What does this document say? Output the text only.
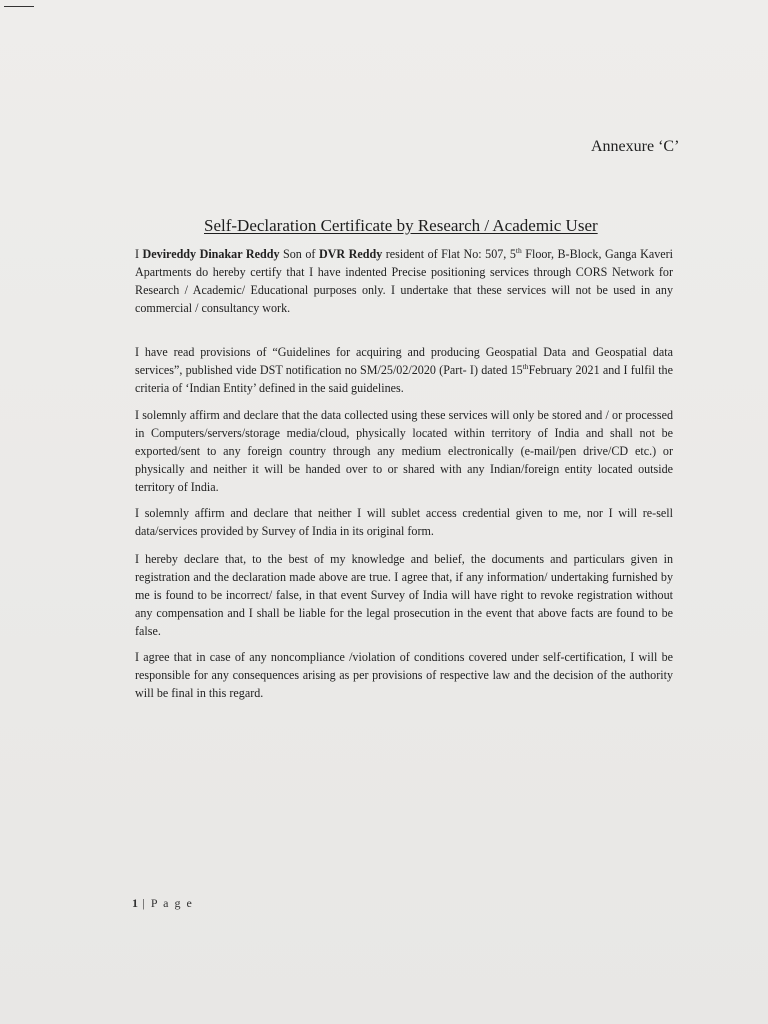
Annexure ‘C’
Self-Declaration Certificate by Research / Academic User

I Devireddy Dinakar Reddy Son of DVR Reddy resident of Flat No: 507, 5th Floor, B-Block, Ganga Kaveri Apartments do hereby certify that I have indented Precise positioning services through CORS Network for Research / Academic/ Educational purposes only. I undertake that these services will not be used in any commercial / consultancy work.

I have read provisions of “Guidelines for acquiring and producing Geospatial Data and Geospatial data services”, published vide DST notification no SM/25/02/2020 (Part- I) dated 15thFebruary 2021 and I fulfil the criteria of ‘Indian Entity’ defined in the said guidelines.

I solemnly affirm and declare that the data collected using these services will only be stored and / or processed in Computers/servers/storage media/cloud, physically located within territory of India and shall not be exported/sent to any foreign country through any medium electronically (e-mail/pen drive/CD etc.) or physically and neither it will be handed over to or shared with any Indian/foreign entity located outside territory of India.

I solemnly affirm and declare that neither I will sublet access credential given to me, nor I will re-sell data/services provided by Survey of India in its original form.

I hereby declare that, to the best of my knowledge and belief, the documents and particulars given in registration and the declaration made above are true. I agree that, if any information/ undertaking furnished by me is found to be incorrect/ false, in that event Survey of India will have right to revoke registration without any compensation and I shall be liable for the legal prosecution in the event that above facts are found to be false.

I agree that in case of any noncompliance /violation of conditions covered under self-certification, I will be responsible for any consequences arising as per provisions of respective law and the decision of the authority will be final in this regard.

1 | P a g e
